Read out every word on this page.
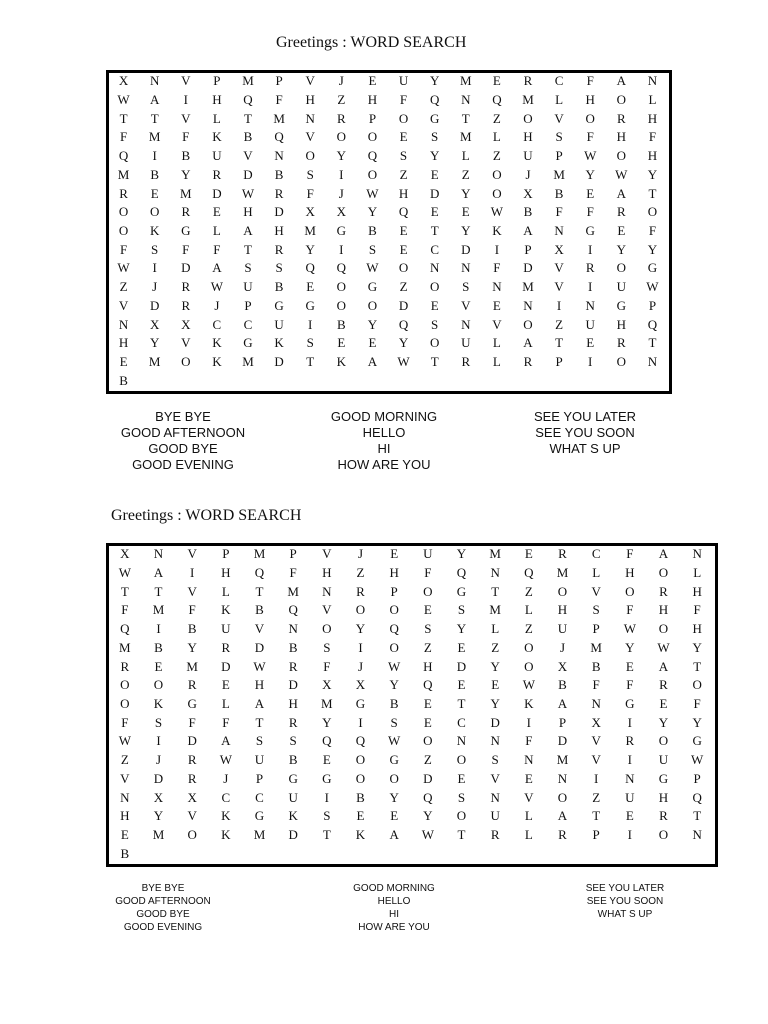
Greetings : WORD SEARCH
X	N	V	P	M	P	V	J	E	U	Y	M	E	R	C	F	A	N
W	A	I	H	Q	F	H	Z	H	F	Q	N	Q	M	L	H	O	L
T	T	V	L	T	M	N	R	P	O	G	T	Z	O	V	O	R	H
F	M	F	K	B	Q	V	O	O	E	S	M	L	H	S	F	H	F
Q	I	B	U	V	N	O	Y	Q	S	Y	L	Z	U	P	W	O	H
M	B	Y	R	D	B	S	I	O	Z	E	Z	O	J	M	Y	W	Y
R	E	M	D	W	R	F	J	W	H	D	Y	O	X	B	E	A	T
O	O	R	E	H	D	X	X	Y	Q	E	E	W	B	F	F	R	O
O	K	G	L	A	H	M	G	B	E	T	Y	K	A	N	G	E	F
F	S	F	F	T	R	Y	I	S	E	C	D	I	P	X	I	Y	Y
W	I	D	A	S	S	Q	Q	W	O	N	N	F	D	V	R	O	G
Z	J	R	W	U	B	E	O	G	Z	O	S	N	M	V	I	U	W
V	D	R	J	P	G	G	O	O	D	E	V	E	N	I	N	G	P
N	X	X	C	C	U	I	B	Y	Q	S	N	V	O	Z	U	H	Q
H	Y	V	K	G	K	S	E	E	Y	O	U	L	A	T	E	R	T
E	M	O	K	M	D	T	K	A	W	T	R	L	R	P	I	O	N
B
BYE BYE
GOOD AFTERNOON
GOOD BYE
GOOD EVENING
GOOD MORNING
HELLO
HI
HOW ARE YOU
SEE YOU LATER
SEE YOU SOON
WHAT S UP
Greetings : WORD SEARCH
X	N	V	P	M	P	V	J	E	U	Y	M	E	R	C	F	A	N
W	A	I	H	Q	F	H	Z	H	F	Q	N	Q	M	L	H	O	L
T	T	V	L	T	M	N	R	P	O	G	T	Z	O	V	O	R	H
F	M	F	K	B	Q	V	O	O	E	S	M	L	H	S	F	H	F
Q	I	B	U	V	N	O	Y	Q	S	Y	L	Z	U	P	W	O	H
M	B	Y	R	D	B	S	I	O	Z	E	Z	O	J	M	Y	W	Y
R	E	M	D	W	R	F	J	W	H	D	Y	O	X	B	E	A	T
O	O	R	E	H	D	X	X	Y	Q	E	E	W	B	F	F	R	O
O	K	G	L	A	H	M	G	B	E	T	Y	K	A	N	G	E	F
F	S	F	F	T	R	Y	I	S	E	C	D	I	P	X	I	Y	Y
W	I	D	A	S	S	Q	Q	W	O	N	N	F	D	V	R	O	G
Z	J	R	W	U	B	E	O	G	Z	O	S	N	M	V	I	U	W
V	D	R	J	P	G	G	O	O	D	E	V	E	N	I	N	G	P
N	X	X	C	C	U	I	B	Y	Q	S	N	V	O	Z	U	H	Q
H	Y	V	K	G	K	S	E	E	Y	O	U	L	A	T	E	R	T
E	M	O	K	M	D	T	K	A	W	T	R	L	R	P	I	O	N
B
BYE BYE
GOOD AFTERNOON
GOOD BYE
GOOD EVENING
GOOD MORNING
HELLO
HI
HOW ARE YOU
SEE YOU LATER
SEE YOU SOON
WHAT S UP
